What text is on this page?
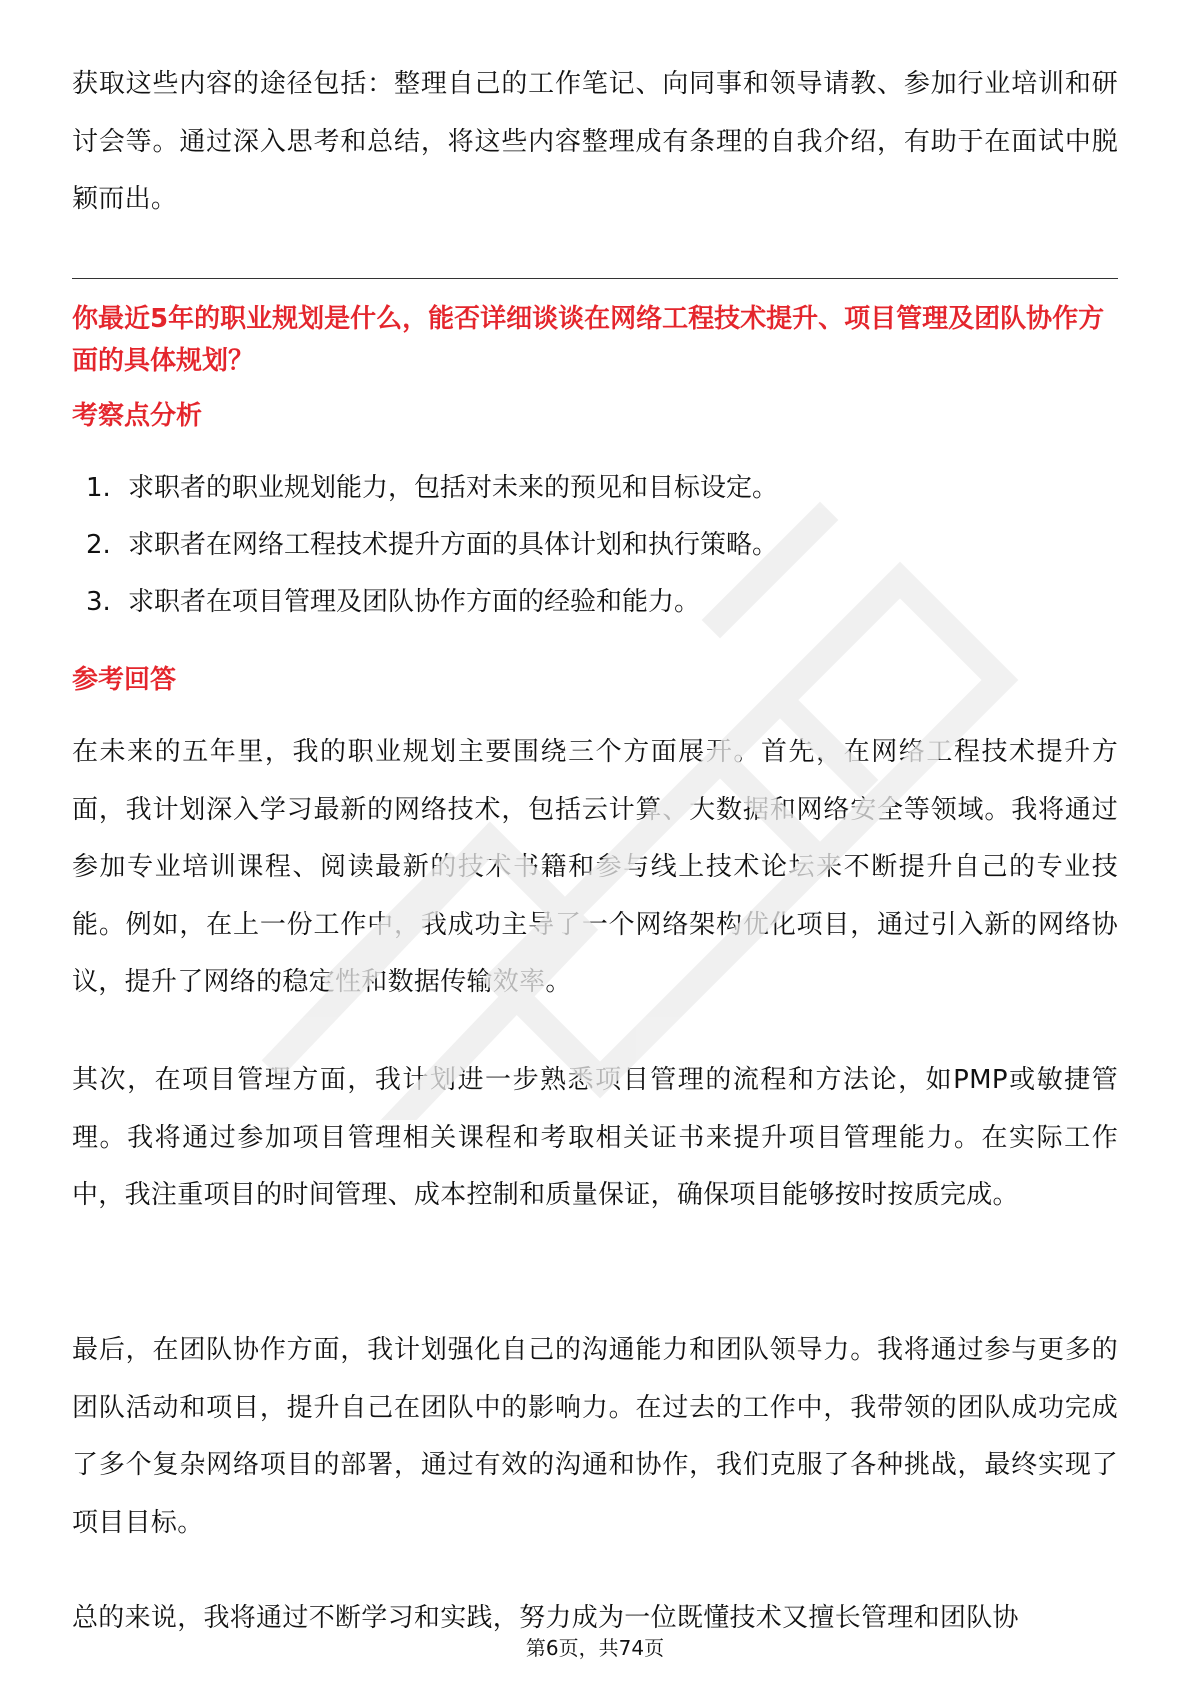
获取这些内容的途径包括：整理自己的工作笔记、向同事和领导请教、参加行业培训和研讨会等。通过深入思考和总结，将这些内容整理成有条理的自我介绍，有助于在面试中脱颖而出。

你最近5年的职业规划是什么，能否详细谈谈在网络工程技术提升、项目管理及团队协作方面的具体规划？
考察点分析
1. 求职者的职业规划能力，包括对未来的预见和目标设定。
2. 求职者在网络工程技术提升方面的具体计划和执行策略。
3. 求职者在项目管理及团队协作方面的经验和能力。
参考回答

在未来的五年里，我的职业规划主要围绕三个方面展开。首先，在网络工程技术提升方面，我计划深入学习最新的网络技术，包括云计算、大数据和网络安全等领域。我将通过参加专业培训课程、阅读最新的技术书籍和参与线上技术论坛来不断提升自己的专业技能。例如，在上一份工作中，我成功主导了一个网络架构优化项目，通过引入新的网络协议，提升了网络的稳定性和数据传输效率。

其次，在项目管理方面，我计划进一步熟悉项目管理的流程和方法论，如PMP或敏捷管理。我将通过参加项目管理相关课程和考取相关证书来提升项目管理能力。在实际工作中，我注重项目的时间管理、成本控制和质量保证，确保项目能够按时按质完成。

最后，在团队协作方面，我计划强化自己的沟通能力和团队领导力。我将通过参与更多的团队活动和项目，提升自己在团队中的影响力。在过去的工作中，我带领的团队成功完成了多个复杂网络项目的部署，通过有效的沟通和协作，我们克服了各种挑战，最终实现了项目目标。

总的来说，我将通过不断学习和实践，努力成为一位既懂技术又擅长管理和团队协

第6页，共74页
